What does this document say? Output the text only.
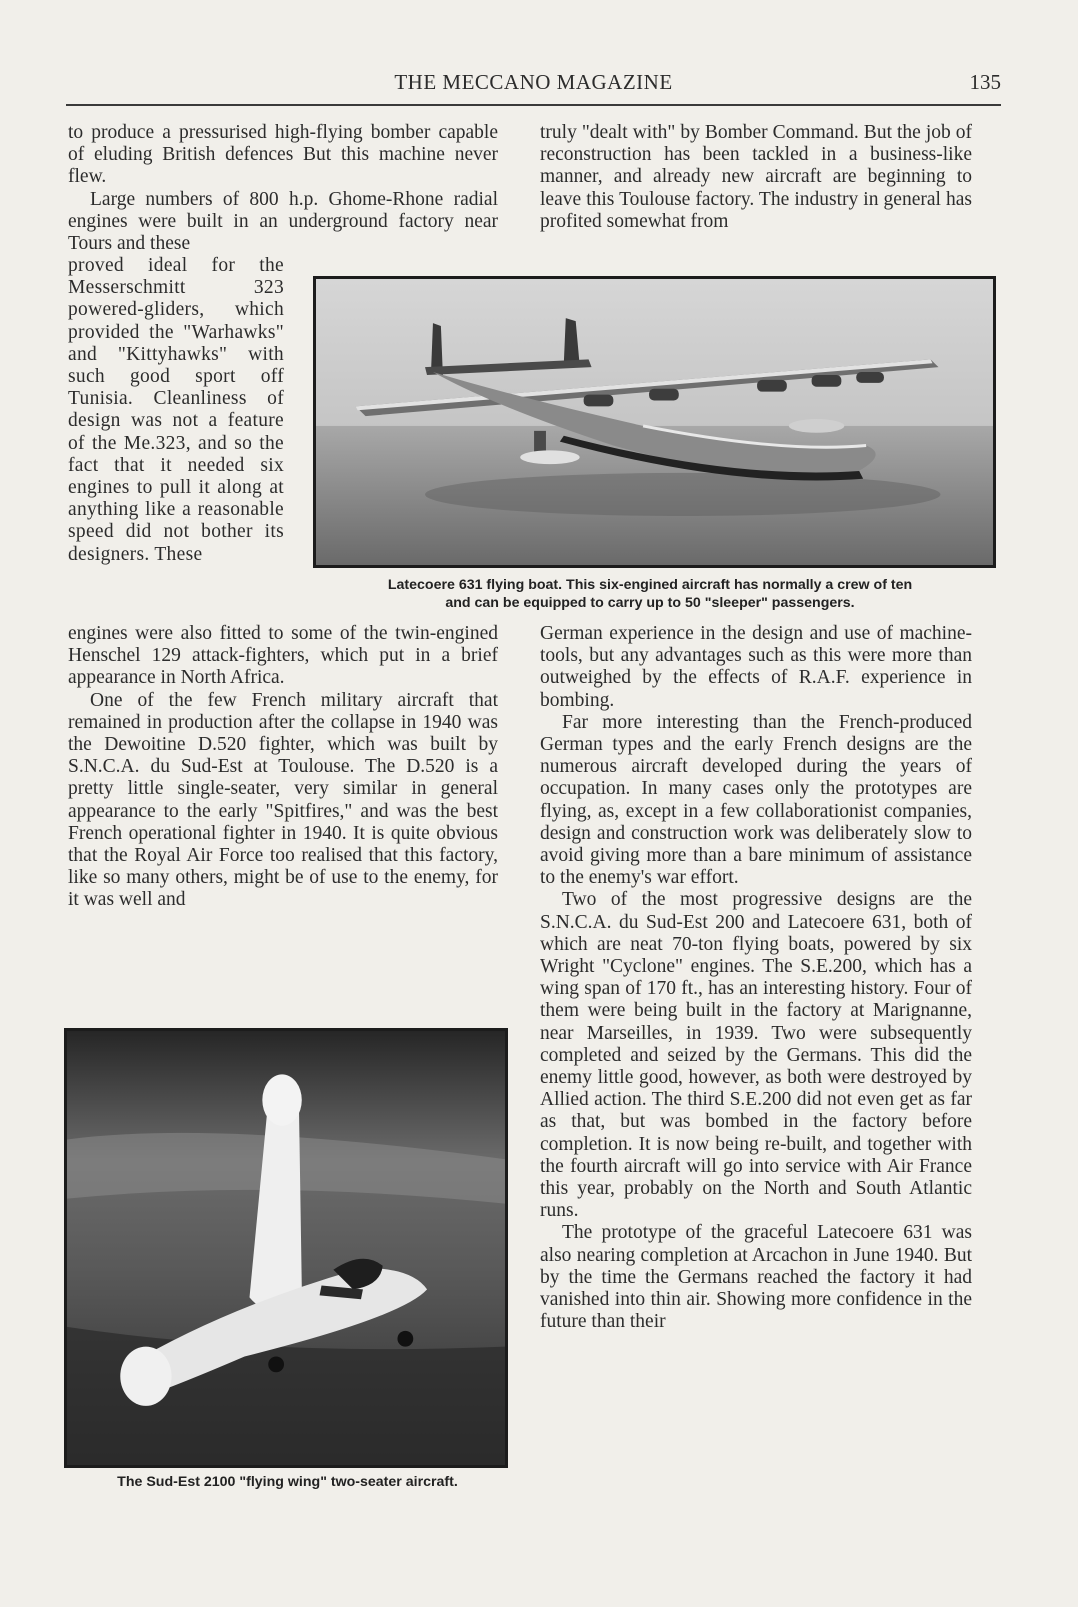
THE MECCANO MAGAZINE	135

to produce a pressurised high-flying bomber capable of eluding British defences But this machine never flew.

Large numbers of 800 h.p. Ghome-Rhone radial engines were built in an underground factory near Tours and these

proved ideal for the Messerschmitt 323 powered-gliders, which provided the "Warhawks" and "Kittyhawks" with such good sport off Tunisia. Cleanliness of design was not a feature of the Me.323, and so the fact that it needed six engines to pull it along at anything like a reasonable speed did not bother its designers. These

engines were also fitted to some of the twin-engined Henschel 129 attack-fighters, which put in a brief appearance in North Africa.

One of the few French military aircraft that remained in production after the collapse in 1940 was the Dewoitine D.520 fighter, which was built by S.N.C.A. du Sud-Est at Toulouse. The D.520 is a pretty little single-seater, very similar in general appearance to the early "Spitfires," and was the best French operational fighter in 1940. It is quite obvious that the Royal Air Force too realised that this factory, like so many others, might be of use to the enemy, for it was well and

truly "dealt with" by Bomber Command. But the job of reconstruction has been tackled in a business-like manner, and already new aircraft are beginning to leave this Toulouse factory. The industry in general has profited somewhat from

Latecoere 631 flying boat. This six-engined aircraft has normally a crew of ten
and can be equipped to carry up to 50 "sleeper" passengers.

German experience in the design and use of machine-tools, but any advantages such as this were more than outweighed by the effects of R.A.F. experience in bombing.

Far more interesting than the French-produced German types and the early French designs are the numerous aircraft developed during the years of occupation. In many cases only the prototypes are flying, as, except in a few collaborationist companies, design and construction work was deliberately slow to avoid giving more than a bare minimum of assistance to the enemy's war effort.

Two of the most progressive designs are the S.N.C.A. du Sud-Est 200 and Latecoere 631, both of which are neat 70-ton flying boats, powered by six Wright "Cyclone" engines. The S.E.200, which has a wing span of 170 ft., has an interesting history. Four of them were being built in the factory at Marignanne, near Marseilles, in 1939. Two were subsequently completed and seized by the Germans. This did the enemy little good, however, as both were destroyed by Allied action. The third S.E.200 did not even get as far as that, but was bombed in the factory before completion. It is now being re-built, and together with the fourth aircraft will go into service with Air France this year, probably on the North and South Atlantic runs.

The prototype of the graceful Latecoere 631 was also nearing completion at Arcachon in June 1940. But by the time the Germans reached the factory it had vanished into thin air. Showing more confidence in the future than their

The Sud-Est 2100 "flying wing" two-seater aircraft.
